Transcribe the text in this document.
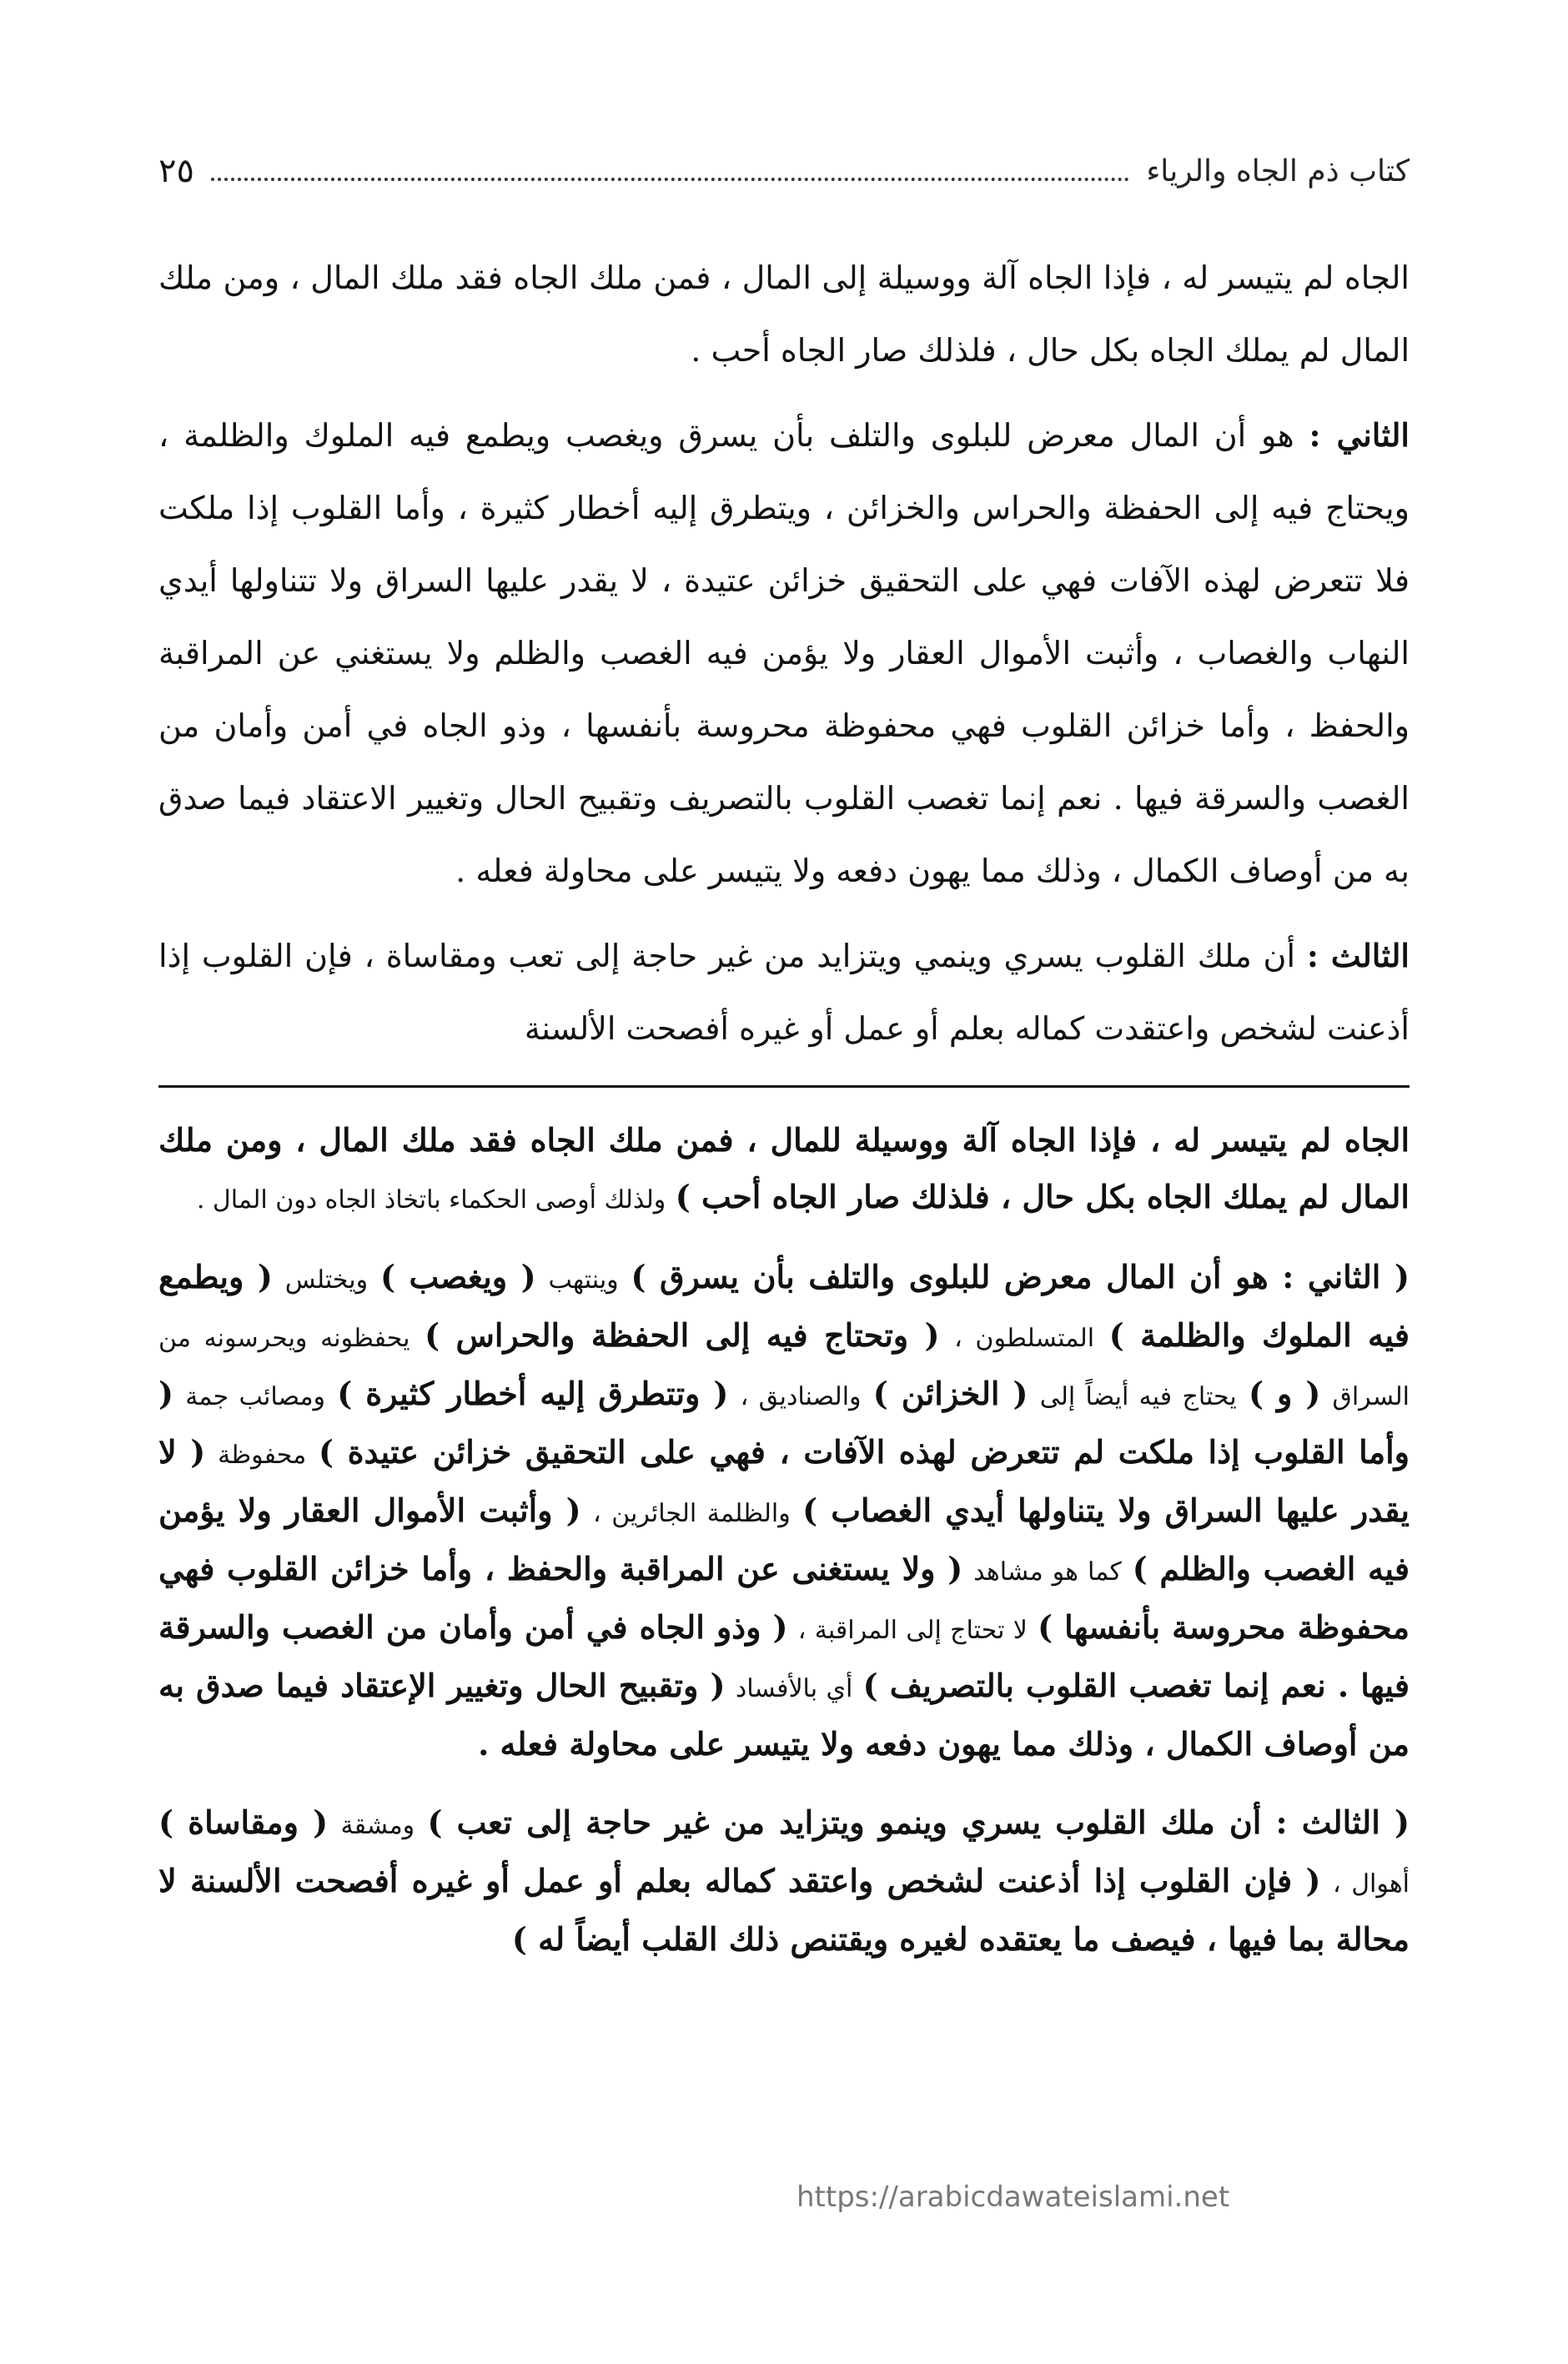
كتاب ذم الجاه والرياء
٢٥

الجاه لم يتيسر له ، فإذا الجاه آلة ووسيلة إلى المال ، فمن ملك الجاه فقد ملك المال ، ومن ملك المال لم يملك الجاه بكل حال ، فلذلك صار الجاه أحب .

الثاني : هو أن المال معرض للبلوى والتلف بأن يسرق ويغصب ويطمع فيه الملوك والظلمة ، ويحتاج فيه إلى الحفظة والحراس والخزائن ، ويتطرق إليه أخطار كثيرة ، وأما القلوب إذا ملكت فلا تتعرض لهذه الآفات فهي على التحقيق خزائن عتيدة ، لا يقدر عليها السراق ولا تتناولها أيدي النهاب والغصاب ، وأثبت الأموال العقار ولا يؤمن فيه الغصب والظلم ولا يستغني عن المراقبة والحفظ ، وأما خزائن القلوب فهي محفوظة محروسة بأنفسها ، وذو الجاه في أمن وأمان من الغصب والسرقة فيها . نعم إنما تغصب القلوب بالتصريف وتقبيح الحال وتغيير الاعتقاد فيما صدق به من أوصاف الكمال ، وذلك مما يهون دفعه ولا يتيسر على محاولة فعله .

الثالث : أن ملك القلوب يسري وينمي ويتزايد من غير حاجة إلى تعب ومقاساة ، فإن القلوب إذا أذعنت لشخص واعتقدت كماله بعلم أو عمل أو غيره أفصحت الألسنة

الجاه لم يتيسر له ، فإذا الجاه آلة ووسيلة للمال ، فمن ملك الجاه فقد ملك المال ، ومن ملك المال لم يملك الجاه بكل حال ، فلذلك صار الجاه أحب ) ولذلك أوصى الحكماء باتخاذ الجاه دون المال .

( الثاني : هو أن المال معرض للبلوى والتلف بأن يسرق ) وينتهب ( ويغصب ) ويختلس ( ويطمع فيه الملوك والظلمة ) المتسلطون ، ( وتحتاج فيه إلى الحفظة والحراس ) يحفظونه ويحرسونه من السراق ( و ) يحتاج فيه أيضاً إلى ( الخزائن ) والصناديق ، ( وتتطرق إليه أخطار كثيرة ) ومصائب جمة ( وأما القلوب إذا ملكت لم تتعرض لهذه الآفات ، فهي على التحقيق خزائن عتيدة ) محفوظة ( لا يقدر عليها السراق ولا يتناولها أيدي الغصاب ) والظلمة الجائرين ، ( وأثبت الأموال العقار ولا يؤمن فيه الغصب والظلم ) كما هو مشاهد ( ولا يستغنى عن المراقبة والحفظ ، وأما خزائن القلوب فهي محفوظة محروسة بأنفسها ) لا تحتاج إلى المراقبة ، ( وذو الجاه في أمن وأمان من الغصب والسرقة فيها . نعم إنما تغصب القلوب بالتصريف ) أي بالأفساد ( وتقبيح الحال وتغيير الإعتقاد فيما صدق به من أوصاف الكمال ، وذلك مما يهون دفعه ولا يتيسر على محاولة فعله .

( الثالث : أن ملك القلوب يسري وينمو ويتزايد من غير حاجة إلى تعب ) ومشقة ( ومقاساة ) أهوال ، ( فإن القلوب إذا أذعنت لشخص واعتقد كماله بعلم أو عمل أو غيره أفصحت الألسنة لا محالة بما فيها ، فيصف ما يعتقده لغيره ويقتنص ذلك القلب أيضاً له )

https://arabicdawateislami.net
